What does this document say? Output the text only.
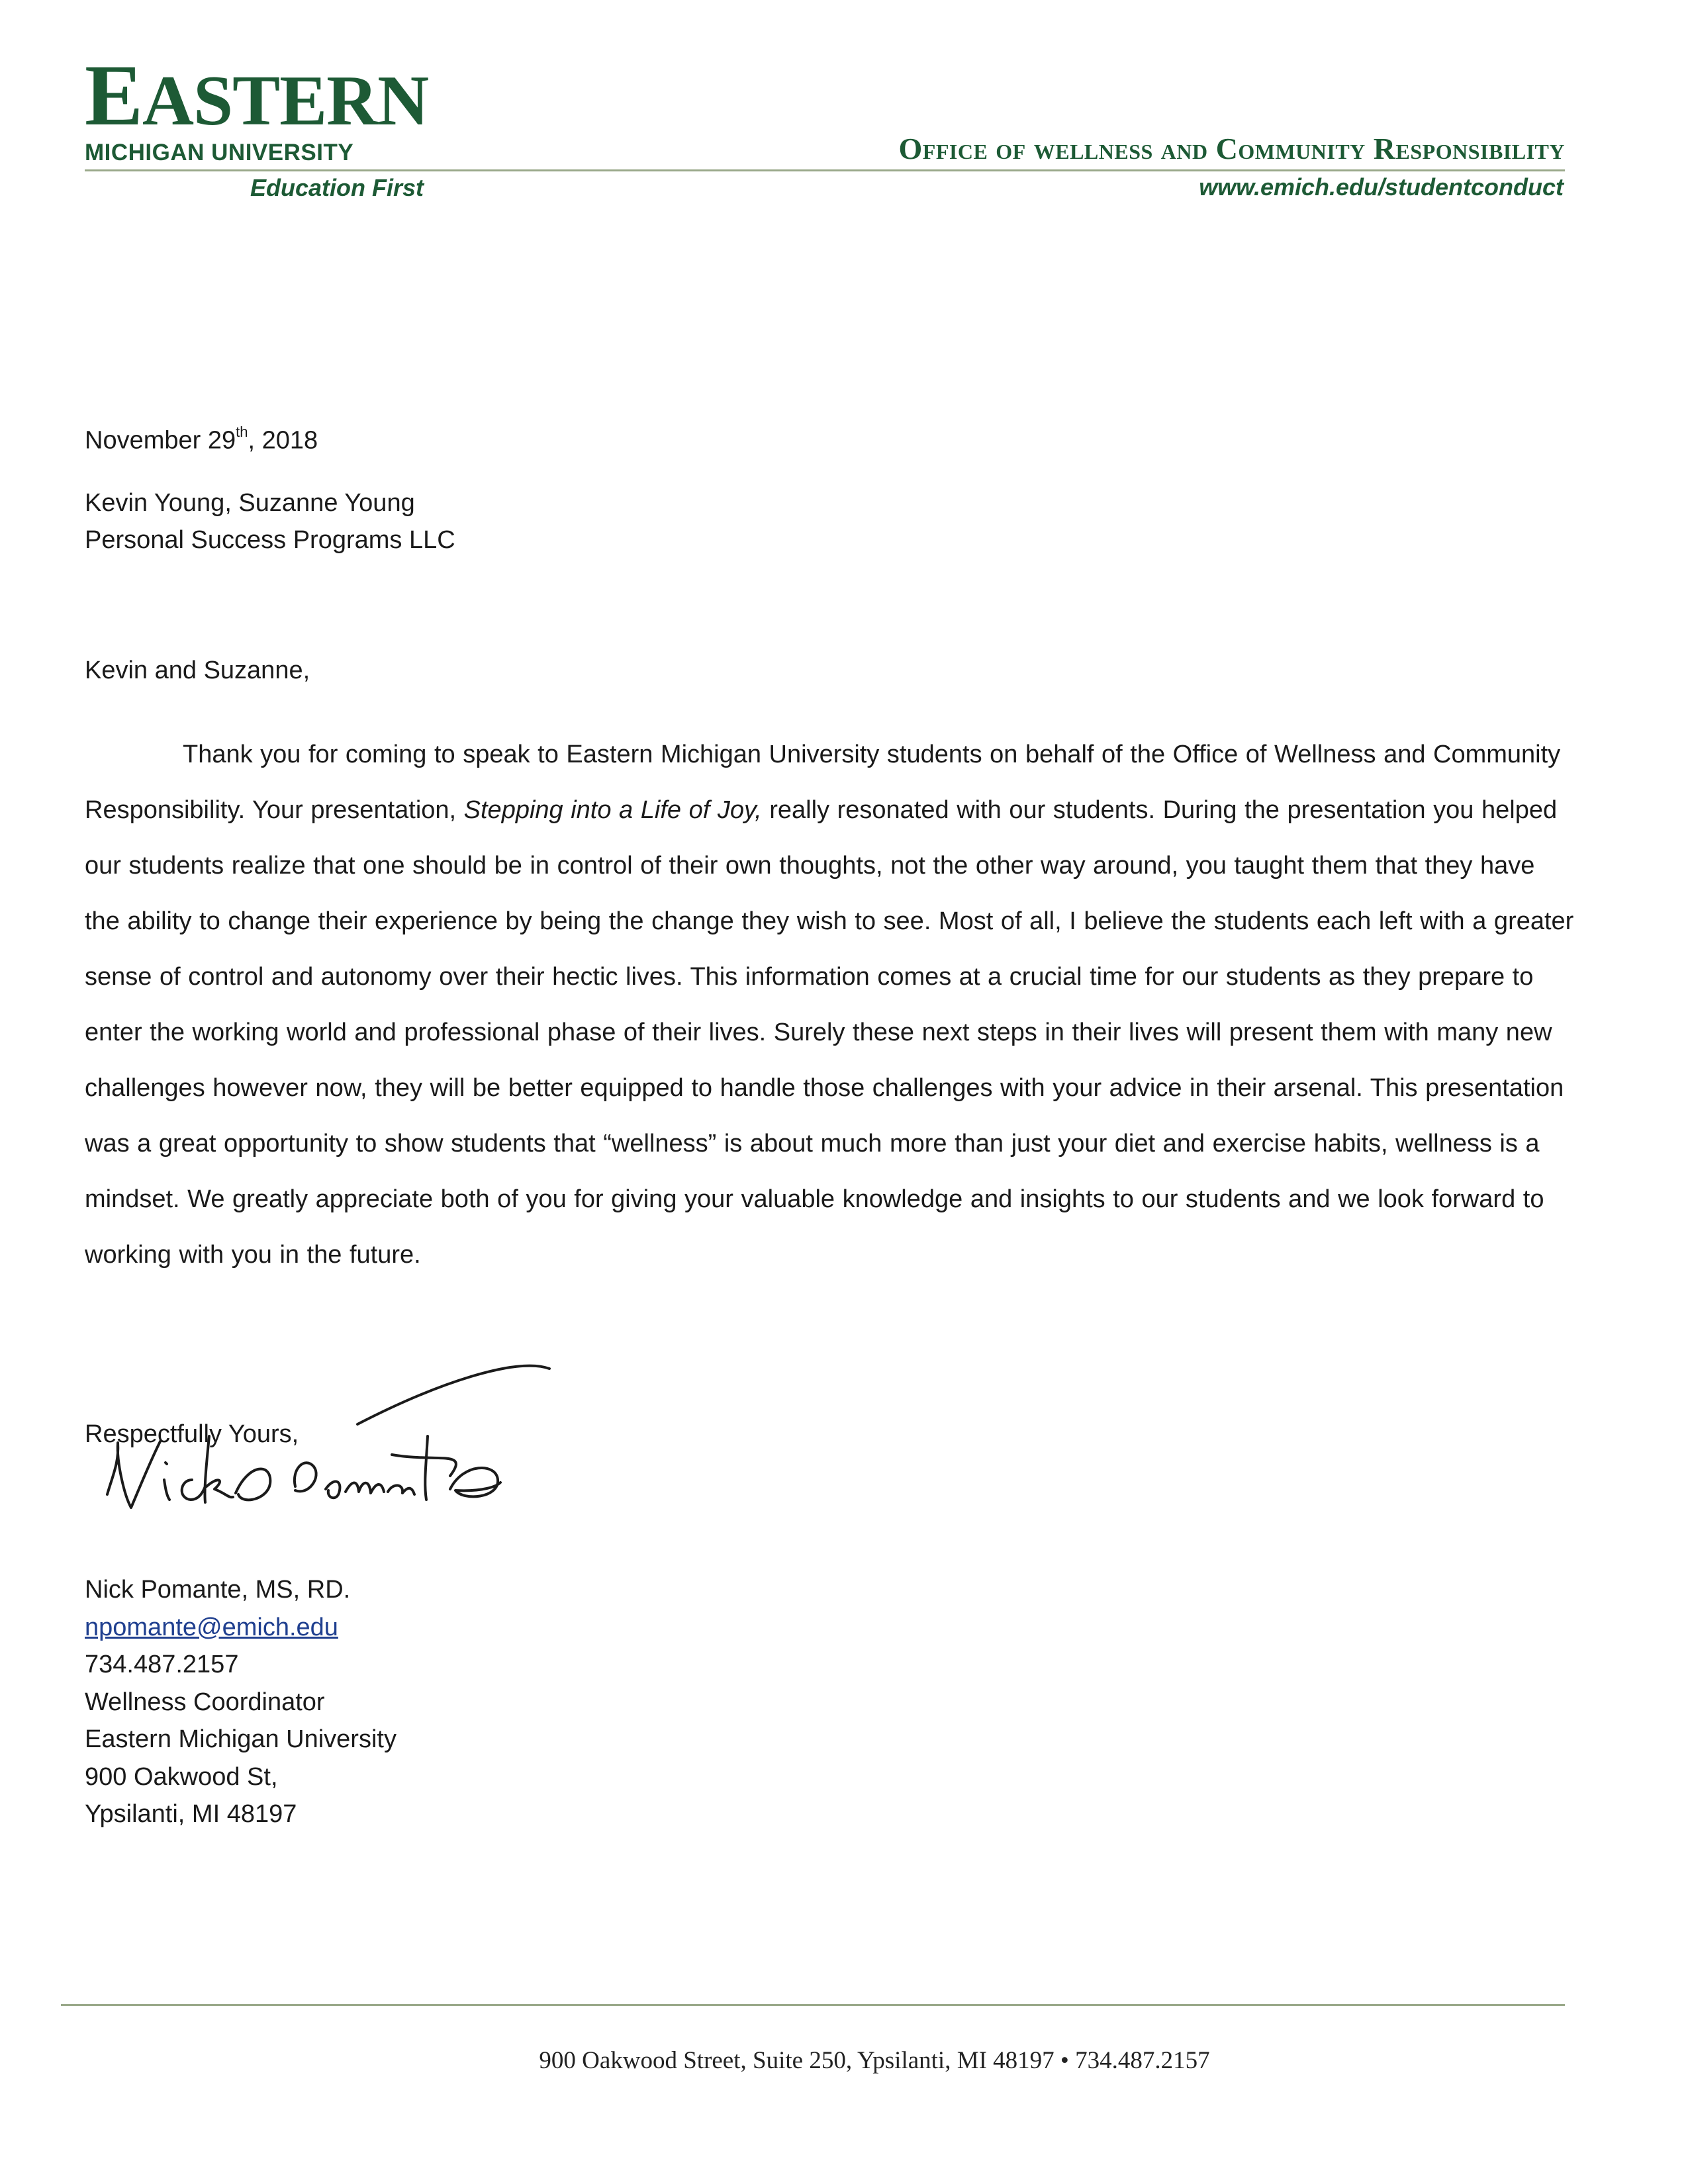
EASTERN
MICHIGAN UNIVERSITY
Education First
Office of wellness and Community Responsibility
www.emich.edu/studentconduct
November 29th, 2018
Kevin Young, Suzanne Young
Personal Success Programs LLC
Kevin and Suzanne,

Thank you for coming to speak to Eastern Michigan University students on behalf of the Office of Wellness and Community Responsibility. Your presentation, Stepping into a Life of Joy, really resonated with our students. During the presentation you helped our students realize that one should be in control of their own thoughts, not the other way around, you taught them that they have the ability to change their experience by being the change they wish to see. Most of all, I believe the students each left with a greater sense of control and autonomy over their hectic lives. This information comes at a crucial time for our students as they prepare to enter the working world and professional phase of their lives. Surely these next steps in their lives will present them with many new challenges however now, they will be better equipped to handle those challenges with your advice in their arsenal. This presentation was a great opportunity to show students that “wellness” is about much more than just your diet and exercise habits, wellness is a mindset. We greatly appreciate both of you for giving your valuable knowledge and insights to our students and we look forward to working with you in the future.

Respectfully Yours,
Nick Pomante, MS, RD.
npomante@emich.edu
734.487.2157
Wellness Coordinator
Eastern Michigan University
900 Oakwood St,
Ypsilanti, MI 48197
900 Oakwood Street, Suite 250, Ypsilanti, MI 48197 • 734.487.2157
